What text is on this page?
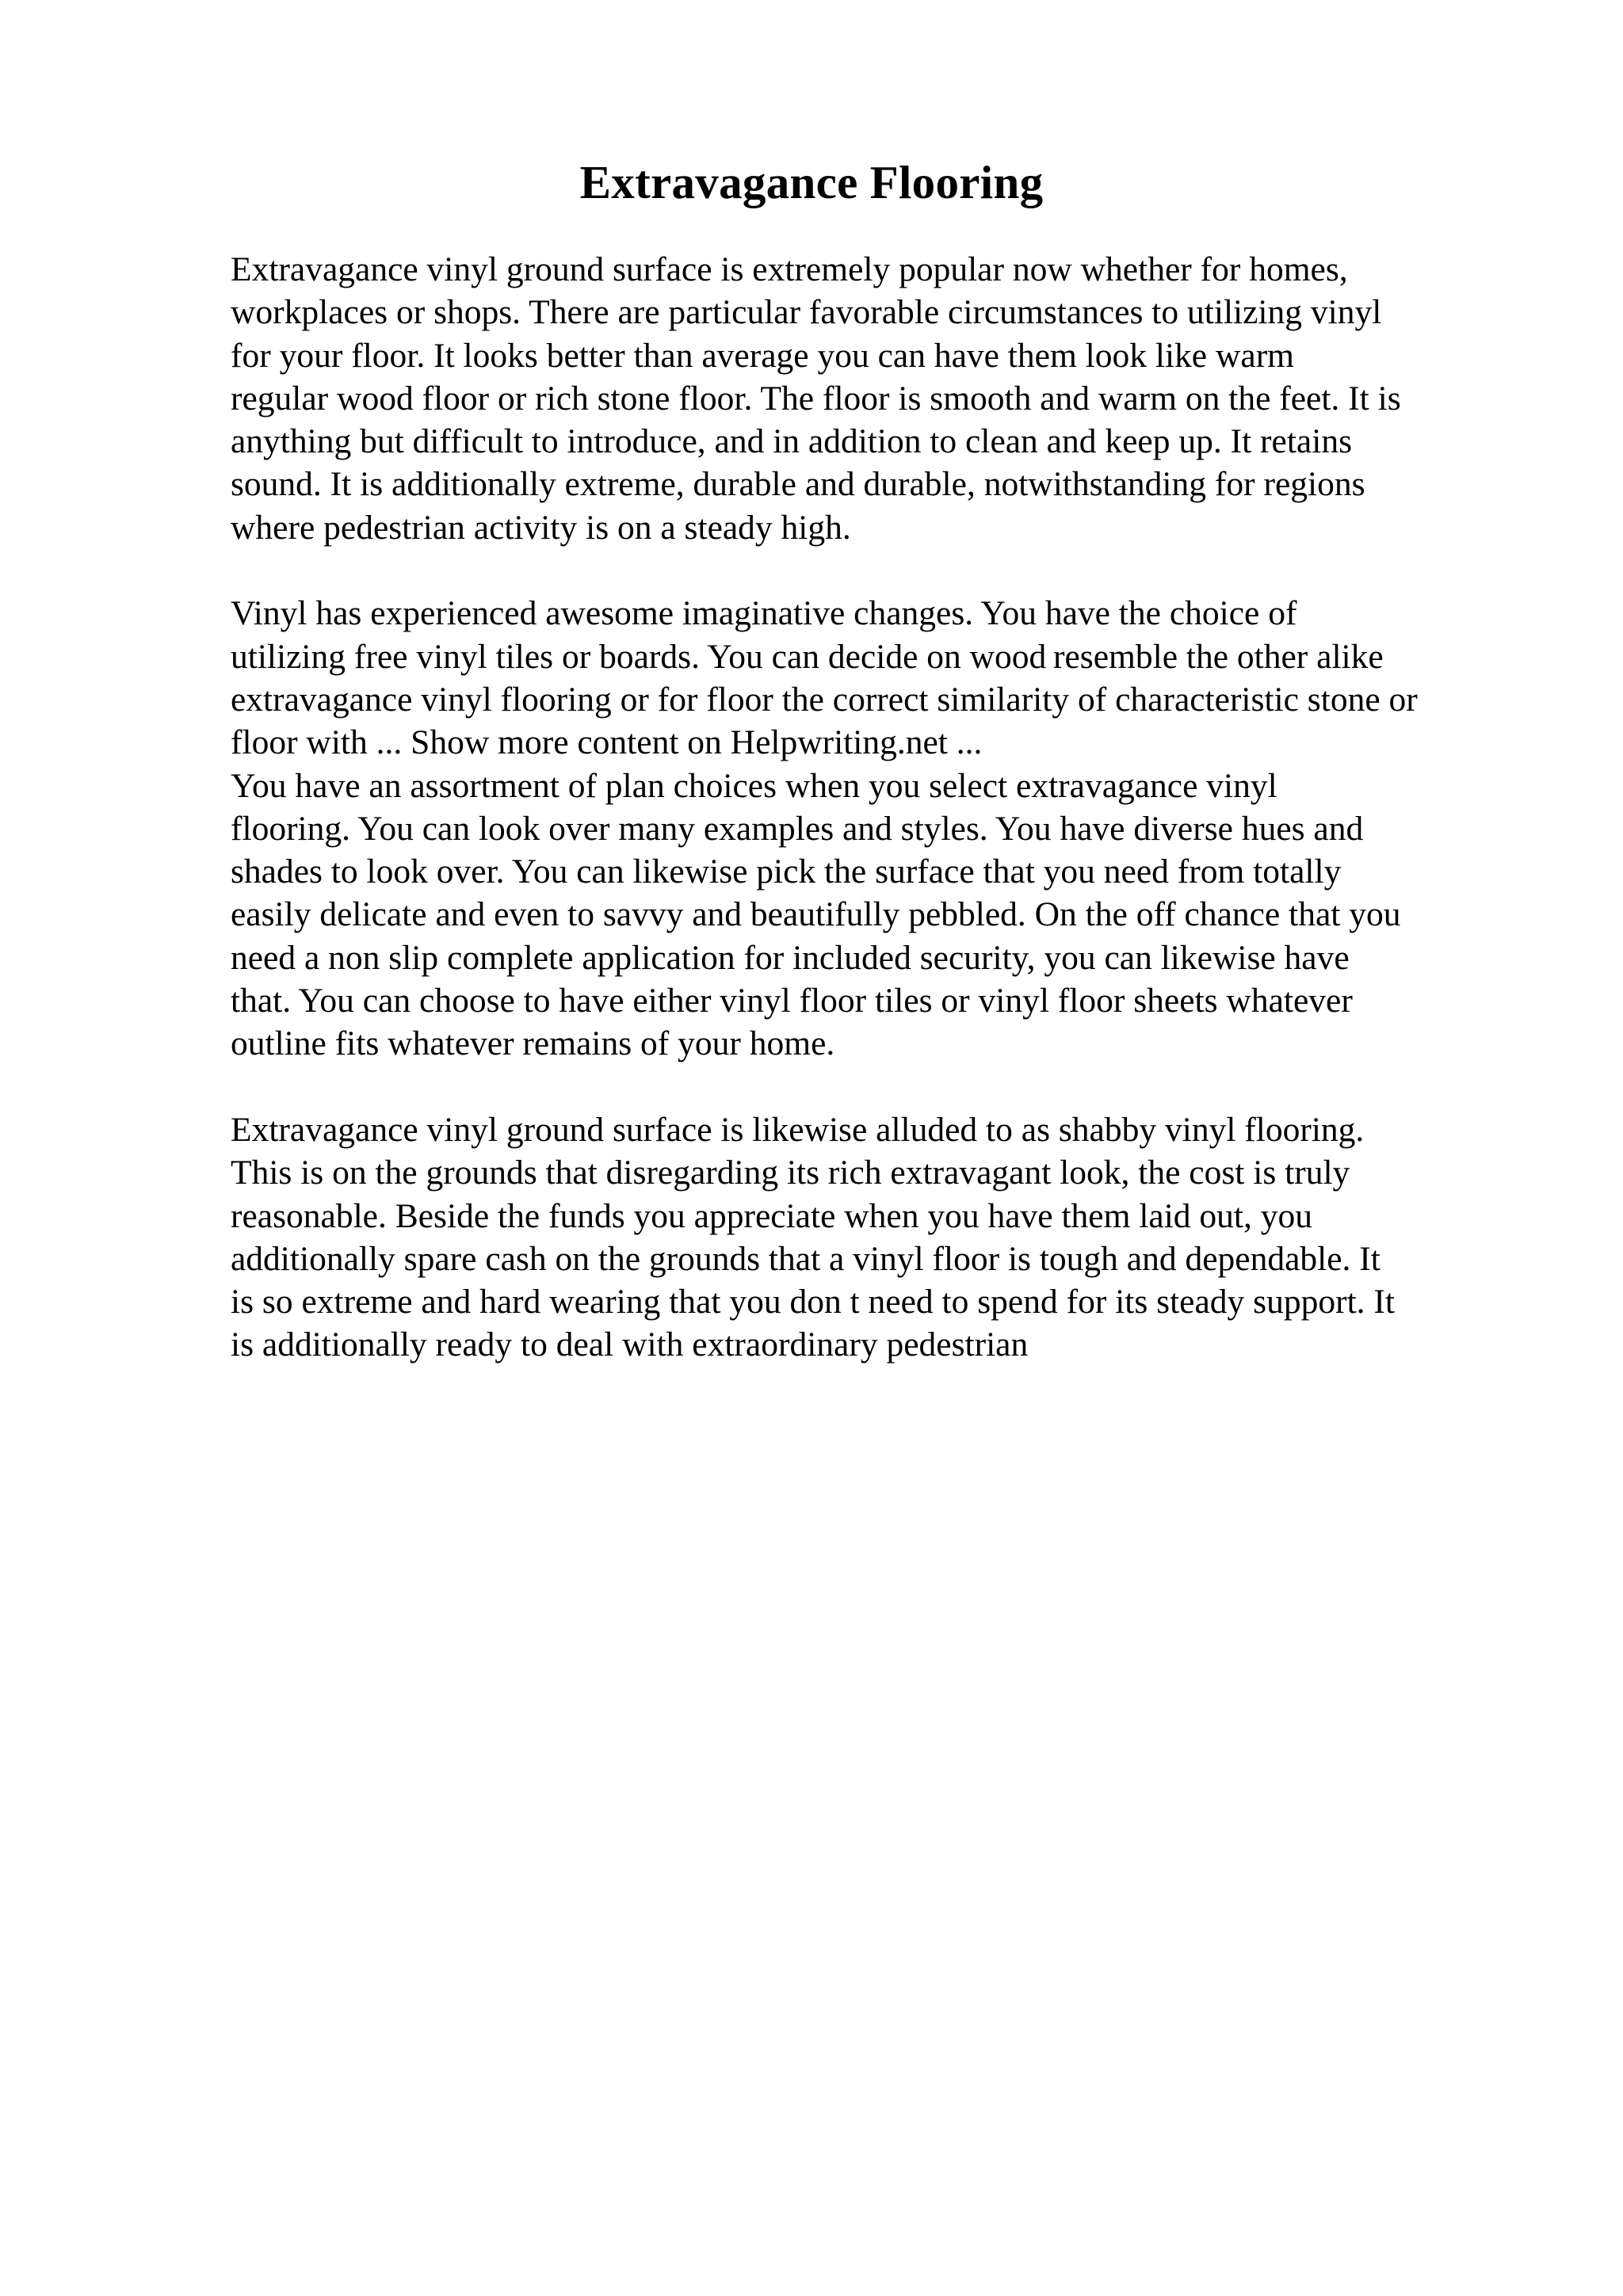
Extravagance Flooring

Extravagance vinyl ground surface is extremely popular now whether for homes,
workplaces or shops. There are particular favorable circumstances to utilizing vinyl
for your floor. It looks better than average you can have them look like warm
regular wood floor or rich stone floor. The floor is smooth and warm on the feet. It is
anything but difficult to introduce, and in addition to clean and keep up. It retains
sound. It is additionally extreme, durable and durable, notwithstanding for regions
where pedestrian activity is on a steady high.

Vinyl has experienced awesome imaginative changes. You have the choice of
utilizing free vinyl tiles or boards. You can decide on wood resemble the other alike
extravagance vinyl flooring or for floor the correct similarity of characteristic stone or
floor with ... Show more content on Helpwriting.net ...

You have an assortment of plan choices when you select extravagance vinyl
flooring. You can look over many examples and styles. You have diverse hues and
shades to look over. You can likewise pick the surface that you need from totally
easily delicate and even to savvy and beautifully pebbled. On the off chance that you
need a non slip complete application for included security, you can likewise have
that. You can choose to have either vinyl floor tiles or vinyl floor sheets whatever
outline fits whatever remains of your home.

Extravagance vinyl ground surface is likewise alluded to as shabby vinyl flooring.
This is on the grounds that disregarding its rich extravagant look, the cost is truly
reasonable. Beside the funds you appreciate when you have them laid out, you
additionally spare cash on the grounds that a vinyl floor is tough and dependable. It
is so extreme and hard wearing that you don t need to spend for its steady support. It
is additionally ready to deal with extraordinary pedestrian
